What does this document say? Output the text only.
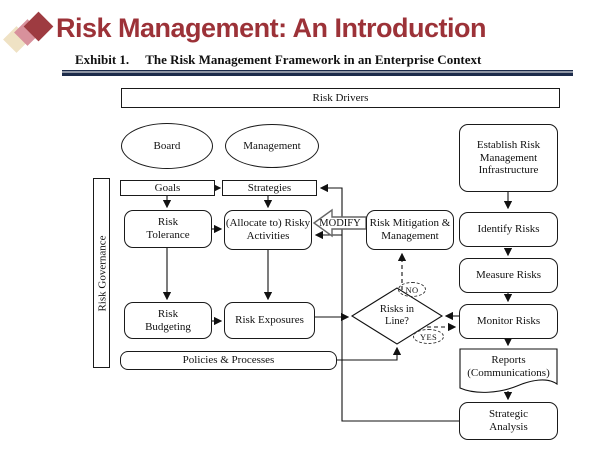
Risk Management: An Introduction
Exhibit 1. The Risk Management Framework in an Enterprise Context
Risk Drivers
Board	Management	Establish Risk Management Infrastructure
Risk Governance
Goals	Strategies
Risk Tolerance
(Allocate to) Risky Activities
Risk Mitigation & Management
MODIFY
Risk Budgeting
Risk Exposures
Policies & Processes
Risks in Line?
NO
YES
Identify Risks
Measure Risks
Monitor Risks
Reports (Communications)
Strategic Analysis
